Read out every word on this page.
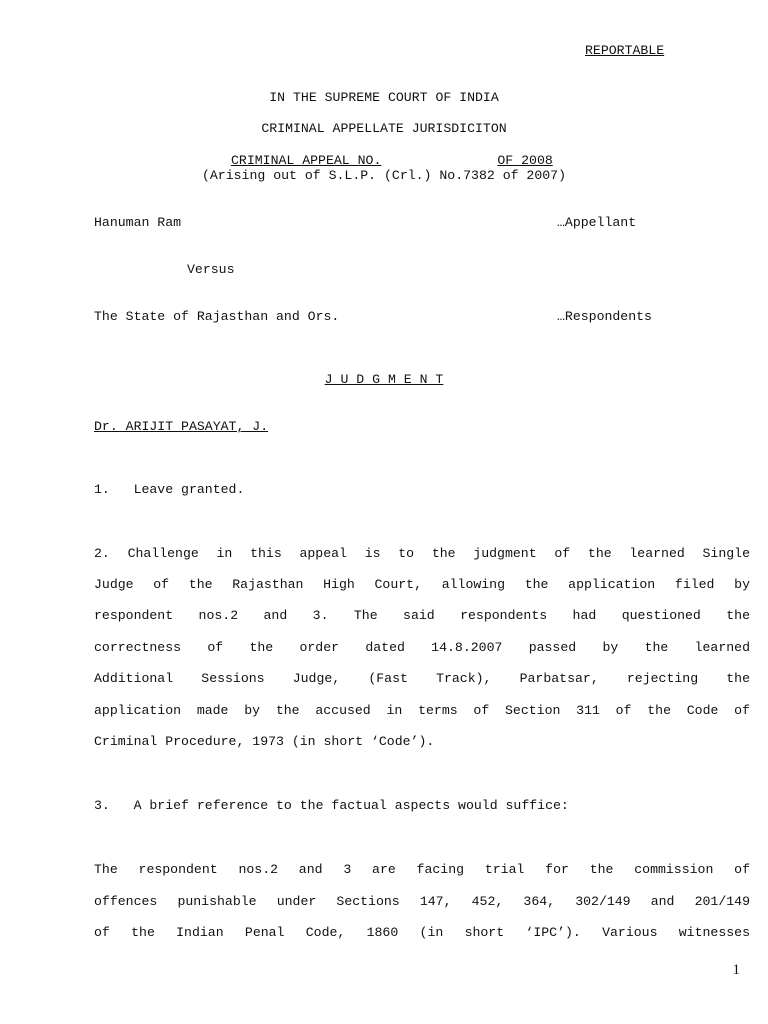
REPORTABLE
IN THE SUPREME COURT OF INDIA
CRIMINAL APPELLATE JURISDICITON
CRIMINAL APPEAL NO.	OF 2008
(Arising out of S.L.P. (Crl.) No.7382 of 2007)
Hanuman Ram	…Appellant
Versus
The State of Rajasthan and Ors.	…Respondents
J U D G M E N T
Dr. ARIJIT PASAYAT, J.
1.   Leave granted.
2. Challenge in this appeal is to the judgment of the learned Single
Judge of the Rajasthan High Court, allowing the application filed by
respondent nos.2 and 3. The said respondents had questioned the
correctness of the order dated 14.8.2007 passed by the learned
Additional Sessions Judge, (Fast Track), Parbatsar, rejecting the
application made by the accused in terms of Section 311 of the Code of
Criminal Procedure, 1973 (in short ‘Code’).
3.   A brief reference to the factual aspects would suffice:
The respondent nos.2 and 3 are facing trial for the commission of
offences punishable under Sections 147, 452, 364, 302/149 and 201/149
of the Indian Penal Code, 1860 (in short ‘IPC’). Various witnesses
1
